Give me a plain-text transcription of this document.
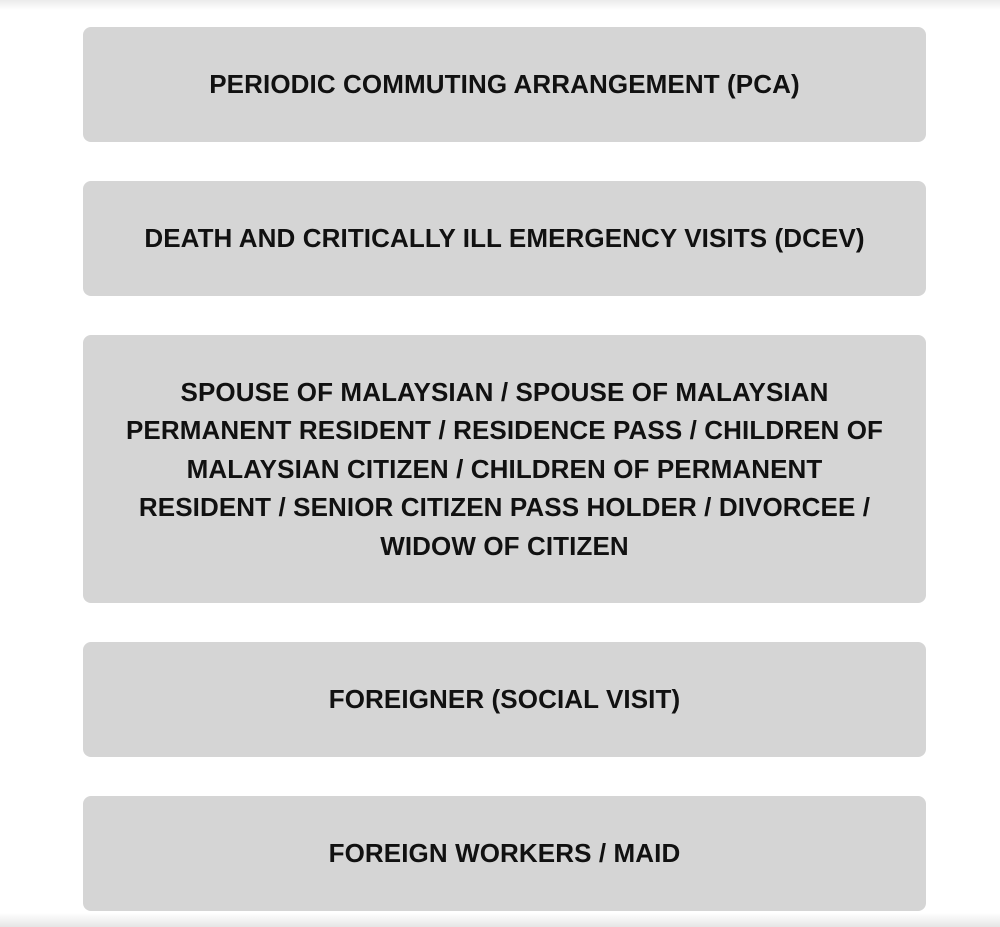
PERIODIC COMMUTING ARRANGEMENT (PCA)
DEATH AND CRITICALLY ILL EMERGENCY VISITS (DCEV)
SPOUSE OF MALAYSIAN / SPOUSE OF MALAYSIAN PERMANENT RESIDENT / RESIDENCE PASS / CHILDREN OF MALAYSIAN CITIZEN / CHILDREN OF PERMANENT RESIDENT / SENIOR CITIZEN PASS HOLDER / DIVORCEE / WIDOW OF CITIZEN
FOREIGNER (SOCIAL VISIT)
FOREIGN WORKERS / MAID
